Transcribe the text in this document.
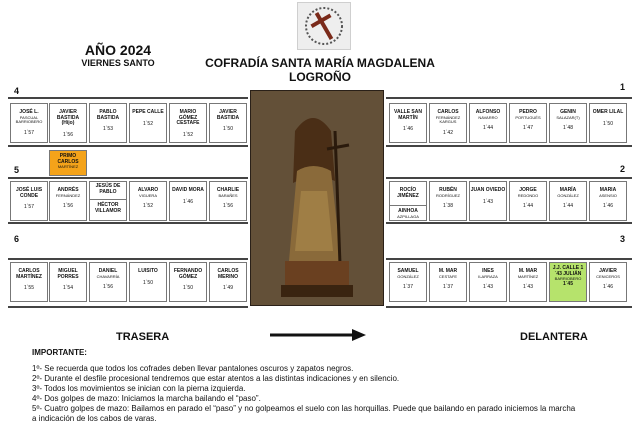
AÑO 2024
VIERNES SANTO	COFRADÍA SANTA MARÍA MAGDALENA
LOGROÑO
4
5
6
1
2
3
JOSÉ L.
PASCUAL BARRIOBERO
1´57
JAVIER BASTIDA (Hijo)
1´56
PABLO BASTIDA
1´53
PEPE CALLE
1´52
MARIO GÓMEZ CESTAFE
1´52
JAVIER BASTIDA
1´50
PRIMO CARLOS
MARTÍNEZ
JOSÉ LUIS CONDE
1´57
ANDRÉS
FERNÁNDEZ
1´56
JESÚS DE PABLO
HÉCTOR VILLAMOR
ALVARO
VIGUERA
1´52
DAVID MORA
1´46
CHARLIE
BARAÑES
1´56
CARLOS MARTÍNEZ
1´55
MIGUEL PORRES
1´54
DANIEL
CHAVARRÍA
1´56
LUISITO
1´50
FERNANDO GÓMEZ
1´50
CARLOS MERINO
1´49
VALLE SAN MARTÍN
1´46
CARLOS
FERNÁNDEZ KARGUS
1´42
ALFONSO
NAVARRO
1´44
PEDRO
PORTUGUÉS
1´47
GENIN
SALAZAR(T)
1´48
OMER LILAL
1´50
ROCÍO JIMÉNEZ
AINHOA
AZPILLAGA
RUBÉN
RODRÍGUEZ
1´38
JUAN OVIEDO
1´43
JORGE
REDONDO
1´44
MARÍA
GONZÁLEZ
1´44
MARIA
ASENSIO
1´46
SAMUEL
GONZÁLEZ
1´37
M. MAR
CESTAFE
1´37
INES
ILARRAZA
1´43
M. MAR
MARTÍNEZ
1´43
J.J. CALLE 1´43 JULIÁN
BARRIOBERO
1´45
JAVIER
CENICEROS
1´46
TRASERA	DELANTERA
IMPORTANTE:
1º- Se recuerda que todos los cofrades deben llevar pantalones oscuros y zapatos negros.
2º- Durante el desfile procesional tendremos que estar atentos a las distintas indicaciones y en silencio.
3º- Todos los movimientos se inician con la pierna izquierda.
4º- Dos golpes de mazo: Iniciamos la marcha bailando el “paso”.
5º- Cuatro golpes de mazo: Bailamos en parado el “paso” y no golpeamos el suelo con las horquillas. Puede que bailando en parado iniciemos la marcha
a indicación de los cabos de varas.
